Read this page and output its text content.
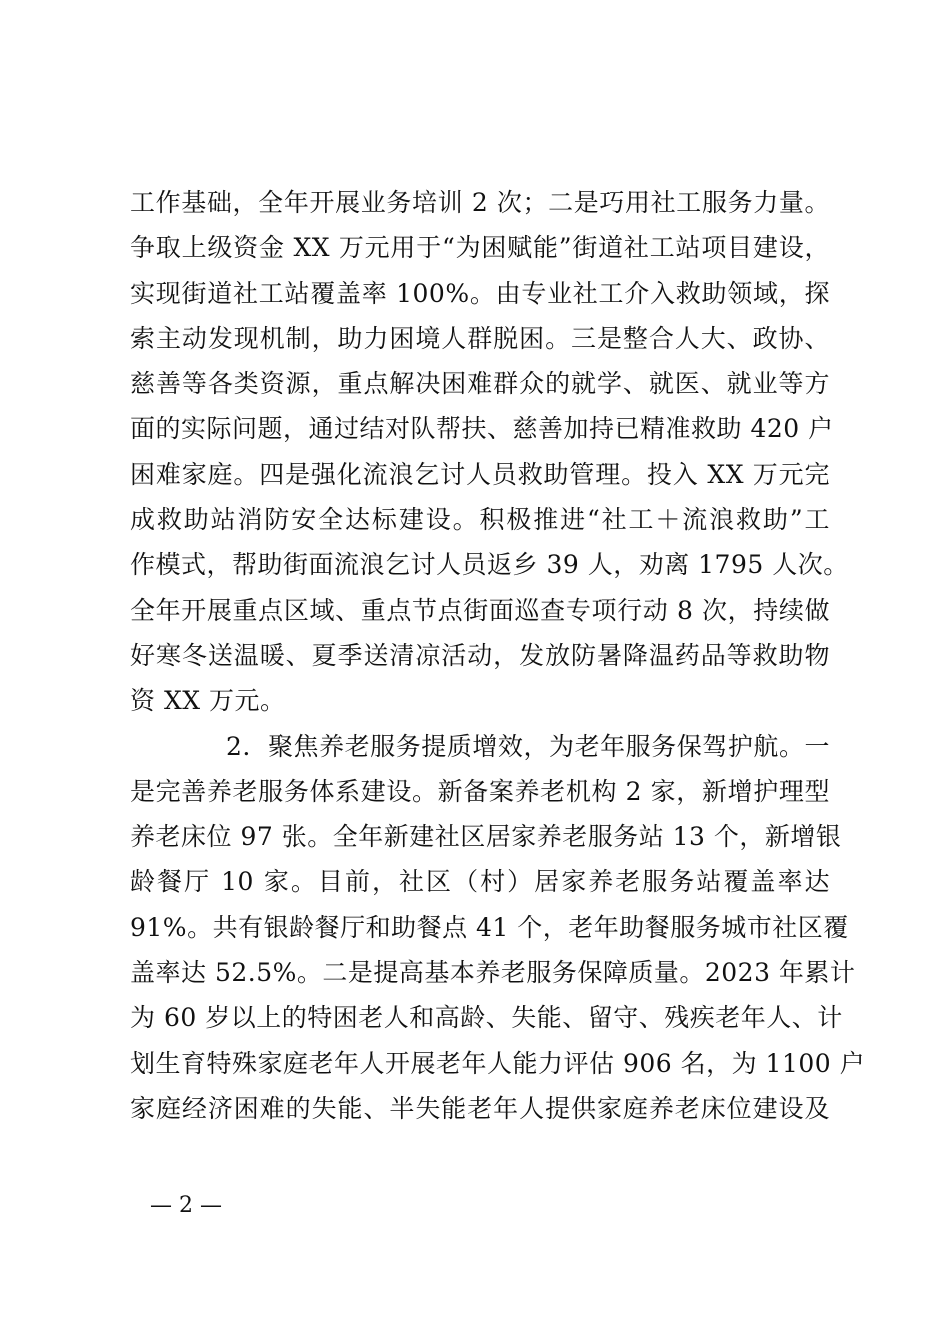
工作基础，全年开展业务培训 2 次；二是巧用社工服务力量。
争取上级资金 XX 万元用于“为困赋能”街道社工站项目建设，
实现街道社工站覆盖率 100%。由专业社工介入救助领域，探
索主动发现机制，助力困境人群脱困。三是整合人大、政协、
慈善等各类资源，重点解决困难群众的就学、就医、就业等方
面的实际问题，通过结对队帮扶、慈善加持已精准救助 420 户
困难家庭。四是强化流浪乞讨人员救助管理。投入 XX 万元完
成救助站消防安全达标建设。积极推进“社工＋流浪救助”工
作模式，帮助街面流浪乞讨人员返乡 39 人，劝离 1795 人次。
全年开展重点区域、重点节点街面巡查专项行动 8 次，持续做
好寒冬送温暖、夏季送清凉活动，发放防暑降温药品等救助物
资 XX 万元。
2．聚焦养老服务提质增效，为老年服务保驾护航。一
是完善养老服务体系建设。新备案养老机构 2 家，新增护理型
养老床位 97 张。全年新建社区居家养老服务站 13 个，新增银
龄餐厅 10 家。目前，社区（村）居家养老服务站覆盖率达
91%。共有银龄餐厅和助餐点 41 个，老年助餐服务城市社区覆
盖率达 52.5%。二是提高基本养老服务保障质量。2023 年累计
为 60 岁以上的特困老人和高龄、失能、留守、残疾老年人、计
划生育特殊家庭老年人开展老年人能力评估 906 名，为 1100 户
家庭经济困难的失能、半失能老年人提供家庭养老床位建设及
— 2 —
